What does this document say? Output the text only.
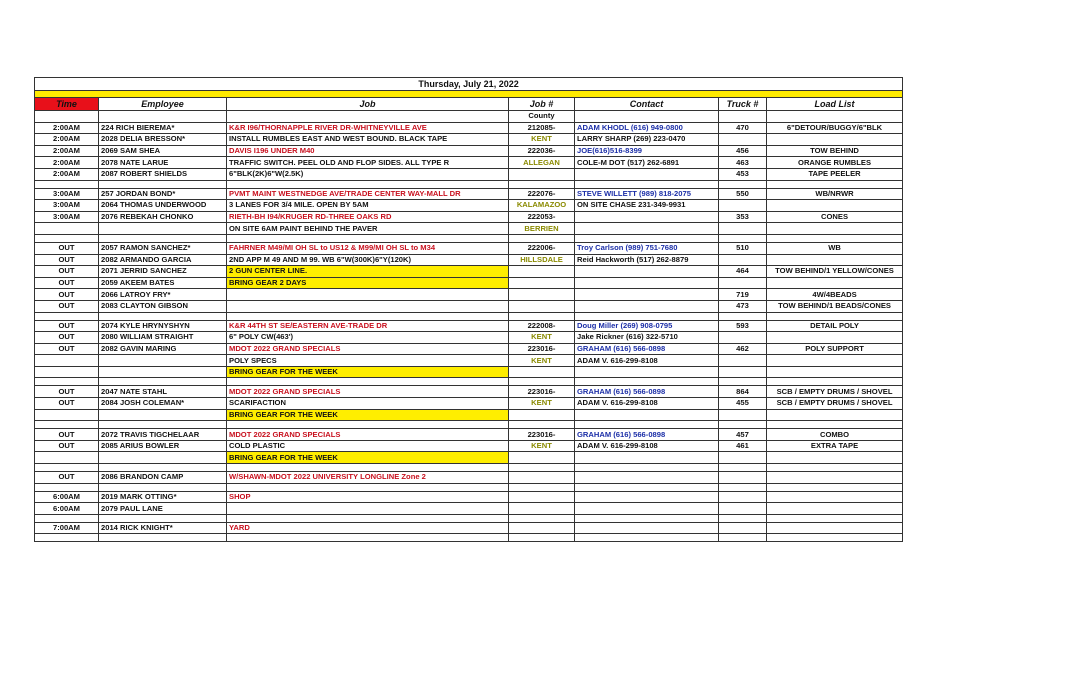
Thursday, July 21, 2022						

Time	Employee	Job	Job #	Contact	Truck #	Load List
			County			
2:00AM	224 RICH BIEREMA*	K&R I96/THORNAPPLE RIVER DR-WHITNEYVILLE AVE	212085-	ADAM KHODL (616) 949-0800	470	6"DETOUR/BUGGY/6"BLK
2:00AM	2028 DELIA BRESSON*	INSTALL RUMBLES EAST AND WEST BOUND. BLACK TAPE	KENT	LARRY SHARP (269) 223-0470		
2:00AM	2069 SAM SHEA	DAVIS I196 UNDER M40	222036-	JOE(616)516-8399	456	TOW BEHIND
2:00AM	2078 NATE LARUE	TRAFFIC SWITCH. PEEL OLD AND FLOP SIDES. ALL TYPE R	ALLEGAN	COLE-M DOT (517) 262-6891	463	ORANGE RUMBLES
2:00AM	2087 ROBERT SHIELDS	6"BLK(2K)6"W(2.5K)			453	TAPE PEELER

3:00AM	257 JORDAN BOND*	PVMT MAINT WESTNEDGE AVE/TRADE CENTER WAY-MALL DR	222076-	STEVE WILLETT (989) 818-2075	550	WB/NRWR
3:00AM	2064 THOMAS UNDERWOOD	3 LANES FOR 3/4 MILE. OPEN BY 5AM	KALAMAZOO	ON SITE CHASE 231-349-9931		
3:00AM	2076 REBEKAH CHONKO	RIETH-BH I94/KRUGER RD-THREE OAKS RD	222053-		353	CONES
		ON SITE 6AM PAINT BEHIND THE PAVER	BERRIEN			

OUT	2057 RAMON SANCHEZ*	FAHRNER M49/MI OH SL to US12 & M99/MI OH SL to M34	222006-	Troy Carlson (989) 751-7680	510	WB
OUT	2082 ARMANDO GARCIA	2ND APP M 49 AND M 99. WB 6"W(300K)6"Y(120K)	HILLSDALE	Reid Hackworth (517) 262-8879		
OUT	2071 JERRID SANCHEZ	2 GUN CENTER LINE.			464	TOW BEHIND/1 YELLOW/CONES
OUT	2059 AKEEM BATES	BRING GEAR 2 DAYS				
OUT	2066 LATROY FRY*				719	4W/4BEADS
OUT	2083 CLAYTON GIBSON				473	TOW BEHIND/1 BEADS/CONES

OUT	2074 KYLE HRYNYSHYN	K&R 44TH ST SE/EASTERN AVE-TRADE DR	222008-	Doug Miller (269) 908-0795	593	DETAIL POLY
OUT	2080 WILLIAM STRAIGHT	6" POLY CW(463')	KENT	Jake Rickner (616) 322-5710		
OUT	2082 GAVIN MARING	MDOT 2022 GRAND SPECIALS	223016-	GRAHAM (616) 566-0898	462	POLY SUPPORT
		POLY SPECS	KENT	ADAM V. 616-299-8108		
		BRING GEAR FOR THE WEEK				

OUT	2047 NATE STAHL	MDOT 2022 GRAND SPECIALS	223016-	GRAHAM (616) 566-0898	864	SCB / EMPTY DRUMS / SHOVEL
OUT	2084 JOSH COLEMAN*	SCARIFACTION	KENT	ADAM V. 616-299-8108	455	SCB / EMPTY DRUMS / SHOVEL
		BRING GEAR FOR THE WEEK				

OUT	2072 TRAVIS TIGCHELAAR	MDOT 2022 GRAND SPECIALS	223016-	GRAHAM (616) 566-0898	457	COMBO
OUT	2085 ARIUS BOWLER	COLD PLASTIC	KENT	ADAM V. 616-299-8108	461	EXTRA TAPE
		BRING GEAR FOR THE WEEK				

OUT	2086 BRANDON CAMP	W/SHAWN-MDOT 2022 UNIVERSITY LONGLINE Zone 2				

6:00AM	2019 MARK OTTING*	SHOP				
6:00AM	2079 PAUL LANE					

7:00AM	2014 RICK KNIGHT*	YARD				
